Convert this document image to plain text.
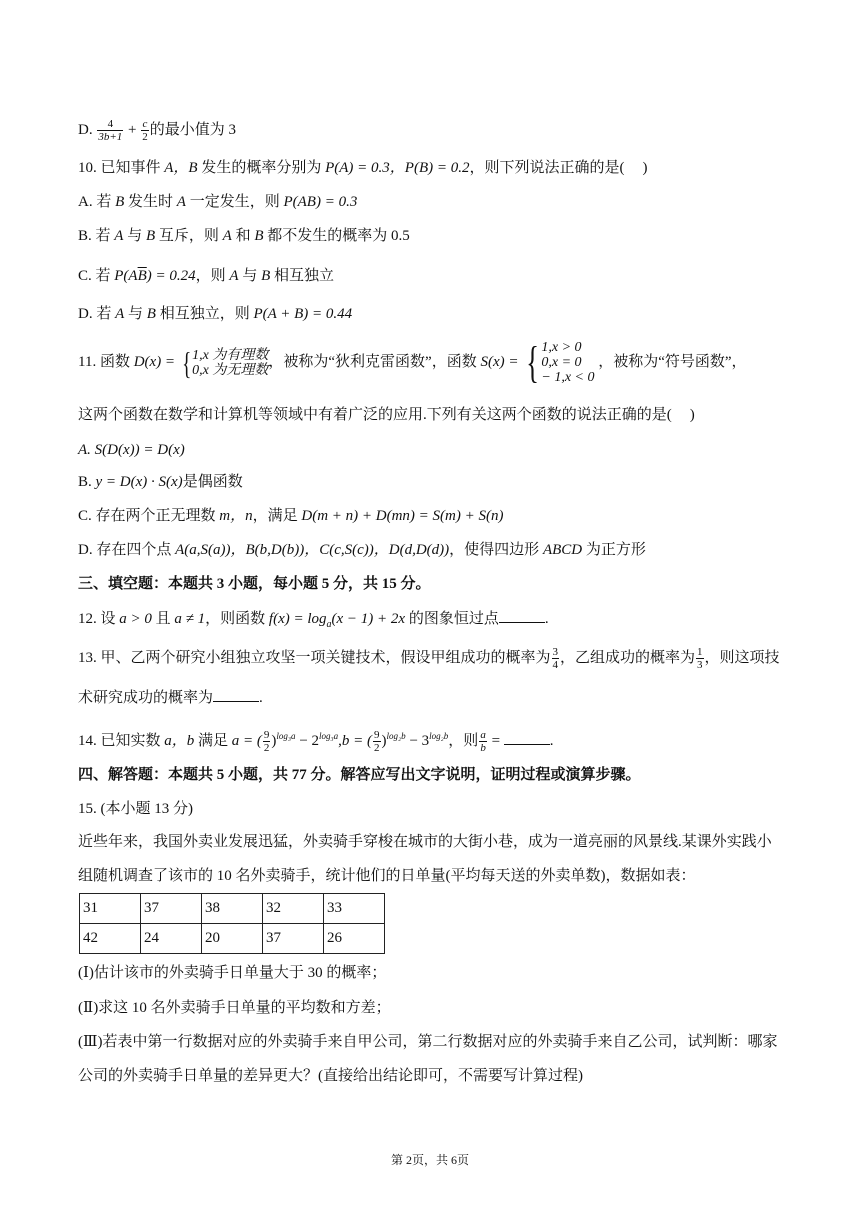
D. $\frac{4}{3b+1} + \frac{c}{2}$ 的最小值为 3
10. 已知事件 A，B 发生的概率分别为 P(A) = 0.3，P(B) = 0.2，则下列说法正确的是( )
A. 若 B 发生时 A 一定发生，则 P(AB) = 0.3
B. 若 A 与 B 互斥，则 A 和 B 都不发生的概率为 0.5
C. 若 $P(A\overline{B}) = 0.24$，则 A 与 B 相互独立
D. 若 A 与 B 相互独立，则 P(A + B) = 0.44
11. 函数 D(x) = { 1,x 为有理数
0,x 为无理数
，被称为“狄利克雷函数”，函数 S(x) = { 1,x > 0
0,x = 0
− 1,x < 0
，被称为“符号函数”，
这两个函数在数学和计算机等领域中有着广泛的应用.下列有关这两个函数的说法正确的是( )
A. S(D(x)) = D(x)
B. y = D(x) · S(x)是偶函数
C. 存在两个正无理数 m，n，满足 D(m + n) + D(mn) = S(m) + S(n)
D. 存在四个点 A(a,S(a))，B(b,D(b))，C(c,S(c))，D(d,D(d))，使得四边形 ABCD 为正方形
三、填空题：本题共 3 小题，每小题 5 分，共 15 分。
12. 设 a > 0 且 a ≠ 1，则函数 $f(x) = \log_a(x - 1) + 2x$ 的图象恒过点	.
13. 甲、乙两个研究小组独立攻坚一项关键技术，假设甲组成功的概率为 $\frac{3}{4}$ ，乙组成功的概率为 $\frac{1}{3}$ ，则这项技
术研究成功的概率为	.
14. 已知实数 a，b 满足 a = ( $\frac{9}{2} )^{log_3a} - 2^{log_3a},b$ = ( $\frac{9}{2} )^{log_2b} - 3^{log_2b}$，则 $\frac{a}{b}$ =	.
四、解答题：本题共 5 小题，共 77 分。解答应写出文字说明，证明过程或演算步骤。
15. (本小题 13 分)
近些年来，我国外卖业发展迅猛，外卖骑手穿梭在城市的大街小巷，成为一道亮丽的风景线.某课外实践小
组随机调查了该市的 10 名外卖骑手，统计他们的日单量(平均每天送的外卖单数)，数据如表：
31	37	38	32	33
42	24	20	37	26
(Ⅰ)估计该市的外卖骑手日单量大于 30 的概率；
(Ⅱ)求这 10 名外卖骑手日单量的平均数和方差；
(Ⅲ)若表中第一行数据对应的外卖骑手来自甲公司，第二行数据对应的外卖骑手来自乙公司，试判断：哪家
公司的外卖骑手日单量的差异更大？(直接给出结论即可，不需要写计算过程)
第 2页，共 6页
